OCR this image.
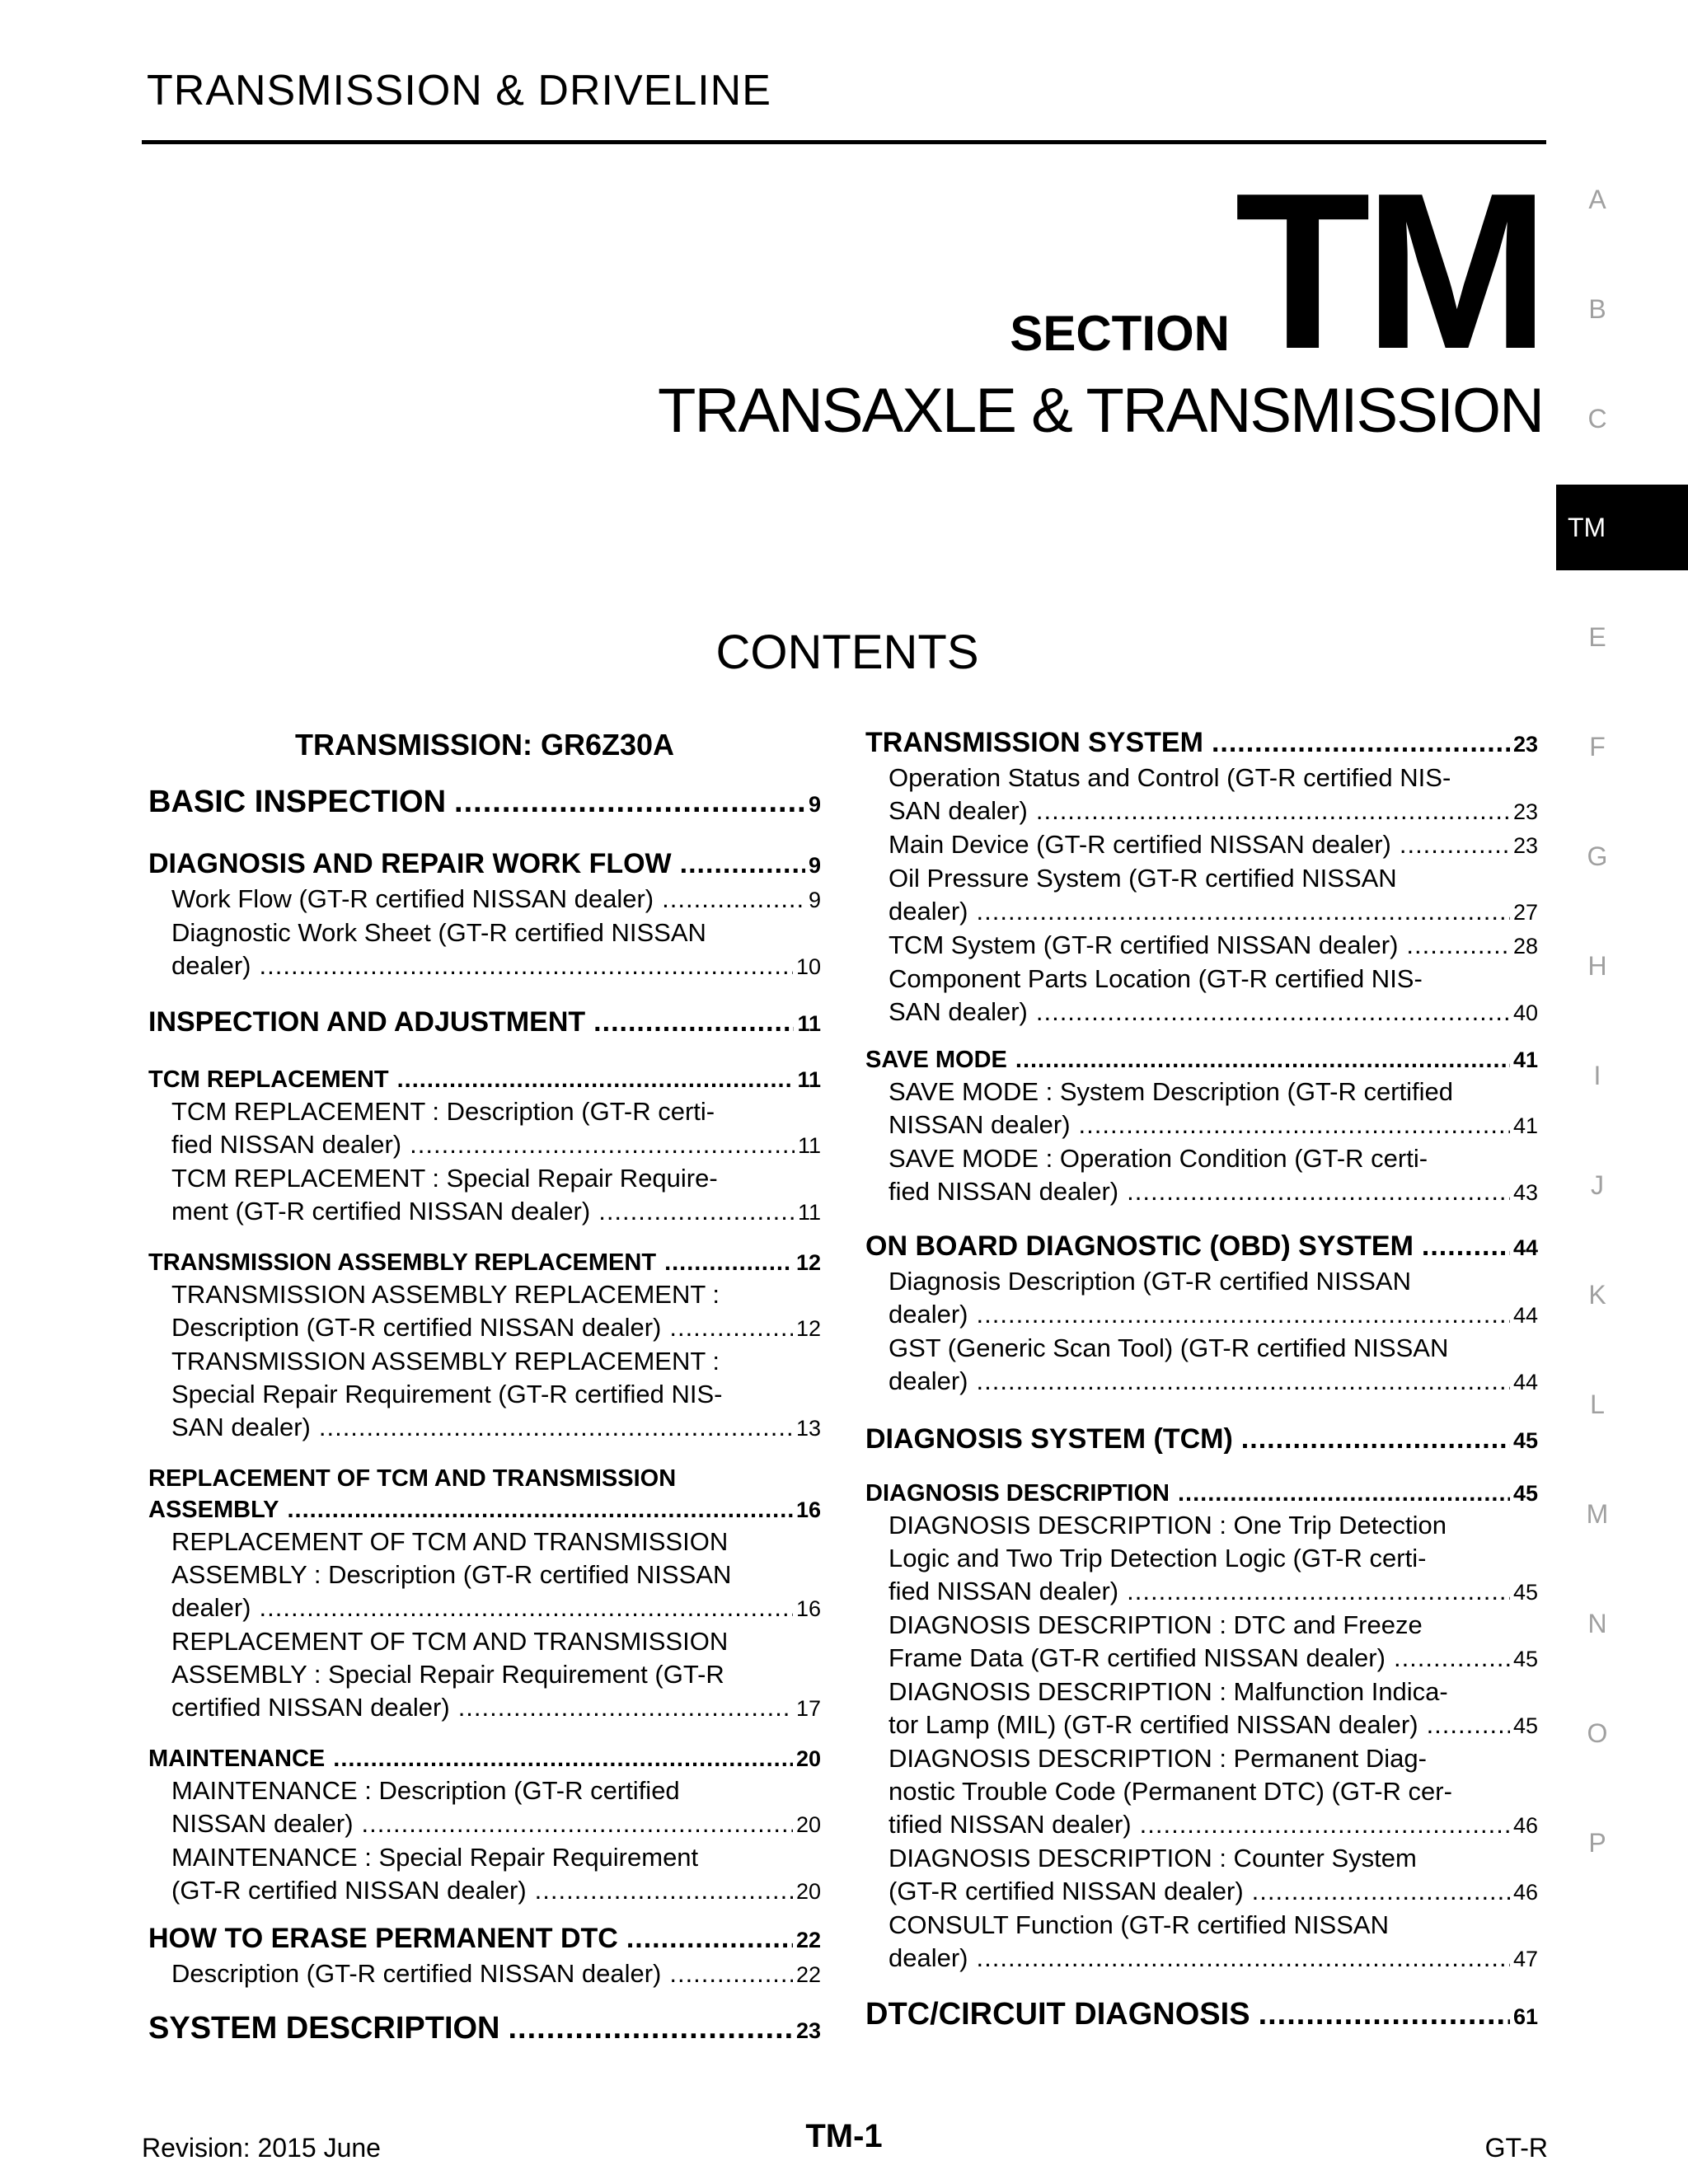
TRANSMISSION & DRIVELINE
SECTION TM
TRANSAXLE & TRANSMISSION
CONTENTS
A
B
C
E
F
G
H
I
J
K
L
M
N
O
P
TM
TRANSMISSION: GR6Z30A
BASIC INSPECTION .....	9
DIAGNOSIS AND REPAIR WORK FLOW .....	9
Work Flow (GT-R certified NISSAN dealer) .....	9
Diagnostic Work Sheet (GT-R certified NISSAN
dealer) .....	10
INSPECTION AND ADJUSTMENT .....	11
TCM REPLACEMENT .....	11
TCM REPLACEMENT : Description (GT-R certi-
fied NISSAN dealer) .....	11
TCM REPLACEMENT : Special Repair Require-
ment (GT-R certified NISSAN dealer) .....	11
TRANSMISSION ASSEMBLY REPLACEMENT .....	12
TRANSMISSION ASSEMBLY REPLACEMENT :
Description (GT-R certified NISSAN dealer) .....	12
TRANSMISSION ASSEMBLY REPLACEMENT :
Special Repair Requirement (GT-R certified NIS-
SAN dealer) .....	13
REPLACEMENT OF TCM AND TRANSMISSION
ASSEMBLY .....	16
REPLACEMENT OF TCM AND TRANSMISSION
ASSEMBLY : Description (GT-R certified NISSAN
dealer) .....	16
REPLACEMENT OF TCM AND TRANSMISSION
ASSEMBLY : Special Repair Requirement (GT-R
certified NISSAN dealer) .....	17
MAINTENANCE .....	20
MAINTENANCE : Description (GT-R certified
NISSAN dealer) .....	20
MAINTENANCE : Special Repair Requirement
(GT-R certified NISSAN dealer) .....	20
HOW TO ERASE PERMANENT DTC .....	22
Description (GT-R certified NISSAN dealer) .....	22
SYSTEM DESCRIPTION .....	23
TRANSMISSION SYSTEM .....	23
Operation Status and Control (GT-R certified NIS-
SAN dealer) .....	23
Main Device (GT-R certified NISSAN dealer) .....	23
Oil Pressure System (GT-R certified NISSAN
dealer) .....	27
TCM System (GT-R certified NISSAN dealer) .....	28
Component Parts Location (GT-R certified NIS-
SAN dealer) .....	40
SAVE MODE .....	41
SAVE MODE : System Description (GT-R certified
NISSAN dealer) .....	41
SAVE MODE : Operation Condition (GT-R certi-
fied NISSAN dealer) .....	43
ON BOARD DIAGNOSTIC (OBD) SYSTEM .....	44
Diagnosis Description (GT-R certified NISSAN
dealer) .....	44
GST (Generic Scan Tool) (GT-R certified NISSAN
dealer) .....	44
DIAGNOSIS SYSTEM (TCM) .....	45
DIAGNOSIS DESCRIPTION .....	45
DIAGNOSIS DESCRIPTION : One Trip Detection
Logic and Two Trip Detection Logic (GT-R certi-
fied NISSAN dealer) .....	45
DIAGNOSIS DESCRIPTION : DTC and Freeze
Frame Data (GT-R certified NISSAN dealer) .....	45
DIAGNOSIS DESCRIPTION : Malfunction Indica-
tor Lamp (MIL) (GT-R certified NISSAN dealer) .....	45
DIAGNOSIS DESCRIPTION : Permanent Diag-
nostic Trouble Code (Permanent DTC) (GT-R cer-
tified NISSAN dealer) .....	46
DIAGNOSIS DESCRIPTION : Counter System
(GT-R certified NISSAN dealer) .....	46
CONSULT Function (GT-R certified NISSAN
dealer) .....	47
DTC/CIRCUIT DIAGNOSIS .....	61
Revision: 2015 June	TM-1	GT-R
